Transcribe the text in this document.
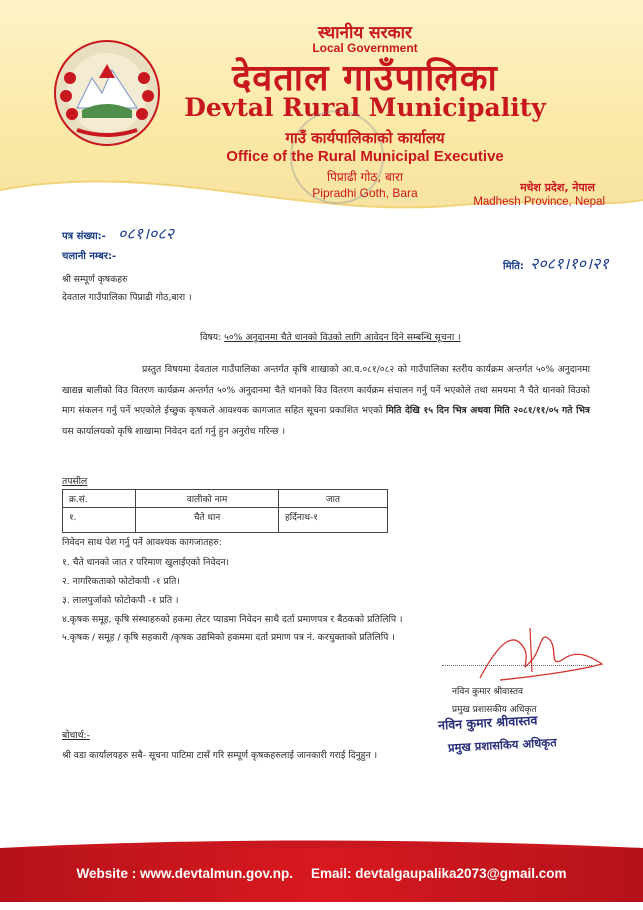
स्थानीय सरकार

Local Government

देवताल गाउँपालिका

Devtal Rural Municipality

गाउँ कार्यपालिकाको कार्यालय

Office of the Rural Municipal Executive

पिप्राढी गोठ, बारा

Pipradhi Goth, Bara	मधेश प्रदेश, नेपाल

Madhesh Province, Nepal

पत्र संख्या:- ०८१।०८२

चलानी नम्बर:-

मिति: २०८१।१०।२१

श्री सम्पूर्ण कृषकहरु

देवताल गाउँपालिका पिप्राढी गोठ,बारा ।

विषय: ५०% अनुदानमा चैते धानको विउको लागि आवेदन दिने सम्बन्धि सूचना ।

प्रस्तुत विषयमा देवताल गाउँपालिका अन्तर्गत कृषि शाखाको आ.व.०८१/०८२ को गाउँपालिका स्तरीय कार्यक्रम अन्तर्गत ५०% अनुदानमा खाद्यन्न बालीको विउ वितरण कार्यक्रम अन्तर्गत ५०% अनुदानमा चैते धानको विउ वितरण कार्यक्रम संचालन गर्नु पर्ने भएकोले तथा समयमा नै चैते धानको विउको माग संकलन गर्नु पर्ने भएकोले ईच्छुक कृषकले आवश्यक कागजात सहित सूचना प्रकाशित भएको मिति देखि १५ दिन भित्र अथवा मिति २०८१/११/०५ गते भित्र यस कार्यालयको कृषि शाखामा निवेदन दर्ता गर्नु हुन अनुरोध गरिन्छ ।

तपसील

क्र.सं.	वालीको नाम	जात
१.	चैते धान	हर्दिनाथ-१

निवेदन साथ पेश गर्नु पर्ने आवश्यक कागजातहरु:

१. चैते धानको जात र परिमाण खुलाईएको निवेदन।

२. नागरिकताको फोटोकपी -१ प्रति।

३. लालपुर्जाको फोटोकपी -१ प्रति ।

४.कृषक समूह, कृषि संस्थाहरुको हकमा लेटर प्याडमा निवेदन साथै दर्ता प्रमाणपत्र र बैठकको प्रतिलिपि ।

५.कृषक / समूह / कृषि सहकारी /कृषक उद्यमिको हकममा दर्ता प्रमाण पत्र नं. करचुक्ताको प्रतिलिपि ।

नविन कुमार श्रीवास्तव

प्रमुख प्रशासकीय अधिकृत

नविन कुमार श्रीवास्तव

प्रमुख प्रशासकिय अधिकृत

बोधार्थ:-

श्री वडा कार्यालयहरु सबै- सूचना पाटिमा टासँ गरि सम्पूर्ण कृषकहरुलाई जानकारी गराई दिनुहुन ।

Website : www.devtalmun.gov.np. Email: devtalgaupalika2073@gmail.com
